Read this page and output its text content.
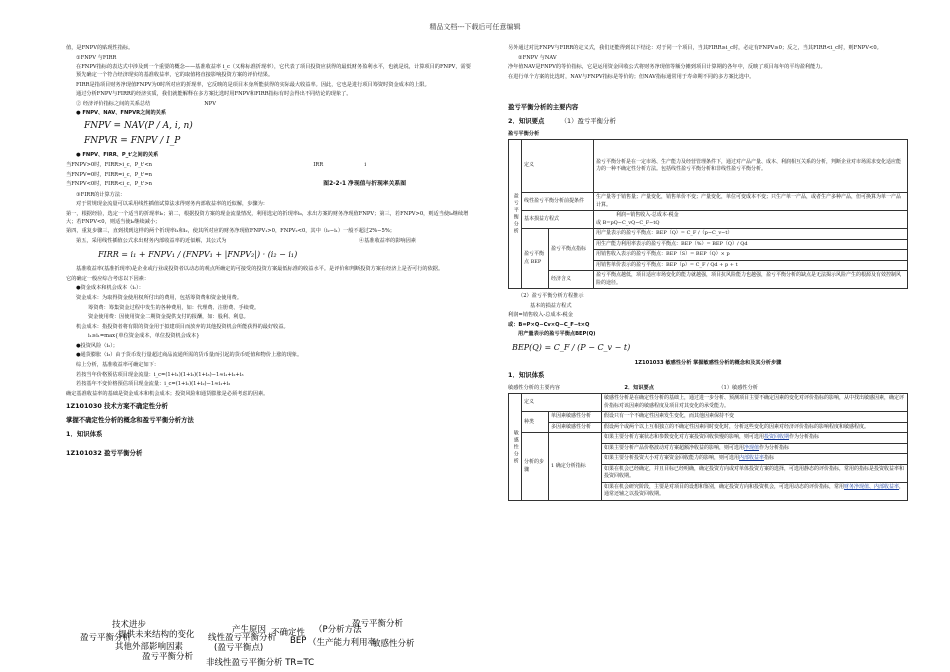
精品文档---下载后可任意编辑

值，是FNPV的贴现性指标。

①FNPV 与FIRR

在FNPV指标的表达式中涉及到一个重要的概念——基准收益率 i_c（又称标准折现率），它代表了项目投资应获得的最低财务盈利水平，也就是说，计算项目的FNPV，需要预先确定一个符合经济现实的基准收益率，它的取值将直接影响投资方案的评价结果。

FIRR是指项目财务净现值FNPV为0时所对应的折现率，它反映的是项目本身所能获得的实际最大收益率。因此，它也是进行项目筹资时资金成本的上限。

通过分析FNPV与FIRR的经济实质，我们就能解释在多方案比选时用FNPV和FIRR指标有时会得出不同结论的现象了。

② 经济评价指标之间的关系总结	NPV

● FNPV、NAV、FNPVR之间的关系

FNPV = NAV(P / A, i, n)

FNPVR = FNPV / I_P

● FNPV、FIRR、P_t'之间的关系

当FNPV>0时，FIRR>i_c，P_t'<n	IRR	i

当FNPV=0时，FIRR=i_c，P_t'=n

当FNPV<0时，FIRR<i_c，P_t'>n	图2-2-1 净现值与折现率关系图

③FIRR的计算方法：

对于常规现金流量可以采用线性插值试算法求得财务内部收益率的近似解，步骤为：

第一，根据经验，选定一个适当的折现率i₀；第二，根据投资方案的现金流量情况，利用选定的折现率i₀，求出方案的财务净现值FNPV；第三，若FNPV>0，则适当使i₀继续增大；若FNPV<0，则适当使i₀继续减小；

第四，重复步骤三，直到找到这样的两个折现率i₁和i₂，使其所对应的财务净现值FNPV₁>0，FNPV₂<0，其中（i₂−i₁）一般不超过2%−5%；

第五，采用线性插值公式求出财务内部收益率的近似解，其公式为	④基准收益率的影响因素

FIRR = i₁ + FNPV₁ / (FNPV₁ + |FNPV₂|) · (i₂ − i₁)

基准收益率(基准折现率)是企业或行业或投资者以动态的观点所确定的可接受的投资方案最低标准的收益水平。是评价和判断投资方案在经济上是否可行的依据。

它的确定一般应综合考虑以下因素：

●资金成本和机会成本（i₁）：

资金成本：为取得资金使用权所付出的费用，包括筹资费和资金使用费。

筹资费：筹集资金过程中发生的各种费用，如：代理费、注册费、手续费。

资金使用费：因使用资金二期资金提供支付的报酬，如：股利、利息。

机会成本：指投资者将有限的资金用于拟建项目而放弃的其他投资机会所能获得的最好收益。

i₁≥i₁=max{单位资金成本，单位投资机会成本}

●投资风险（i₂）；

●通货膨胀（i₃）由于货币发行量超过商品流通所需的货币量而引起的货币贬值和物价上涨的现象。

综上分析，基准收益率可确定如下：

若按当年价格预估项目现金流量：i_c=(1+i₁)(1+i₂)(1+i₃)−1≈i₁+i₂+i₃

若按基年不变价格预估项目现金流量：i_c=(1+i₁)(1+i₂)−1≈i₁+i₂

确定基准收益率的基础是资金成本和机会成本；投资风险和通货膨胀是必须考虑的因素。

1Z101030 技术方案不确定性分析

掌握不确定性分析的概念和盈亏平衡分析方法

1．知识体系

1Z101032 盈亏平衡分析

技术进步	产生原因 不确定性
盈亏平衡分析
盈亏平衡分析
提供未来结构的变化 线性盈亏平衡分析
（P分析方法
BEP （生产能力利用率
敏感性分析
其他外部影响因素	(盈亏平衡点)
盈亏平衡分析
非线性盈亏平衡分析 TR=TC

另外通过对比FNPV与FIRR的定义式，我们还能得到以下结论：对于同一个项目，当其FIRR≥i_c时，必定有FNPV≥0；反之，当其FIRR<i_c时，则FNPV<0。

②FNPV 与NAV

净年值NAV是FNPV的等价指标，它是运用资金回收公式将财务净现值等额分摊到项目计算期的各年中，反映了项目每年的平均盈利能力。

在进行单个方案的比选时，NAV与FNPV指标是等价的；但NAV指标通常用于寿命期不同的多方案比选中。

盈亏平衡分析的主要内容

2．知识要点	（1）盈亏平衡分析

盈亏平衡分析

盈亏平衡分析	定义		盈亏平衡分析是在一定市场、生产能力及经营管理条件下，通过对产品产量、成本、利润相互关系的分析，判断企业对市场需求变化适应能力的一种不确定性分析方法。包括线性盈亏平衡分析和非线性盈亏平衡分析。
	线性盈亏平衡分析前提条件		生产量等于销售量；产量变化，销售单价不变；产量变化，单位可变成本不变；只生产单一产品，或者生产多种产品，但可换算为单一产品计算。
	基本损益方程式		利润=销售收入-总成本-税金
或 B=pQ−C_vQ−C_F−tQ

	盈亏平衡点 BEP	盈亏平衡点指标	用产量表示的盈亏平衡点：BEP（Q）= C_F /（p−C_v−t）
			用生产能力利用率表示的盈亏平衡点：BEP（%）= BEP（Q）/ Qd
			用销售收入表示的盈亏平衡点：BEP（S）= BEP（Q）× p
			用销售单价表示的盈亏平衡点：BEP（p）= C_F / Qd + p + t
		经济含义	盈亏平衡点越低，项目适应市场变化的能力就越强，项目抗风险能力也越强，盈亏平衡分析的缺点是无法揭示风险产生的根源及有效控制风险的途径。

（2）盈亏平衡分析方程推示

基本的损益方程式

利润=销售收入-总成本-税金

或：B=P×Q−Cv×Q−C_F−t×Q

用产量表示的盈亏平衡点BEP(Q)

BEP(Q) = C_F / (P − C_v − t)

1Z101033 敏感性分析 掌握敏感性分析的概念和及其分析步骤

1．知识体系

敏感性分析的主要内容	2．知识要点	（1）敏感性分析

敏感性分析	定义		敏感性分析是在确定性分析的基础上，通过进一步分析、预测项目主要不确定因素的变化对评价指标的影响，从中找出敏感因素，确定评价指标对该因素的敏感程度及项目对其变化的承受能力。
	种类	单因素敏感性分析	假设只有一个不确定性因素发生变化，而其他因素保持不变
		多因素敏感性分析	假设两个或两个以上互相独立的不确定性因素同时变化时，分析这些变化的因素对经济评价指标的影响程度和敏感程度。
	分析的步骤	1 确定分析指标	如果主要分析方案状态和参数变化对方案投资回收快慢的影响，则可选用投资回收期作为分析指标
			如果主要分析产品价格波动对方案超额净收益的影响，则可选用净现值作为分析指标
			如果主要分析投资大小对方案资金回收能力的影响，则可选用内部收益率指标
			如果在机会已经确定，并且目标已经明确，确定投资方向或对单体投资方案的选择，可选用静态的评价指标，常用的指标是投资收益率和投资回收期。
			如果在机会研究阶段，主要是对项目的设想和鉴别，确定投资方向和投资机会，可选用动态的评价指标，常用财务净现值、内部收益率，通常还辅之以投资回收期。
